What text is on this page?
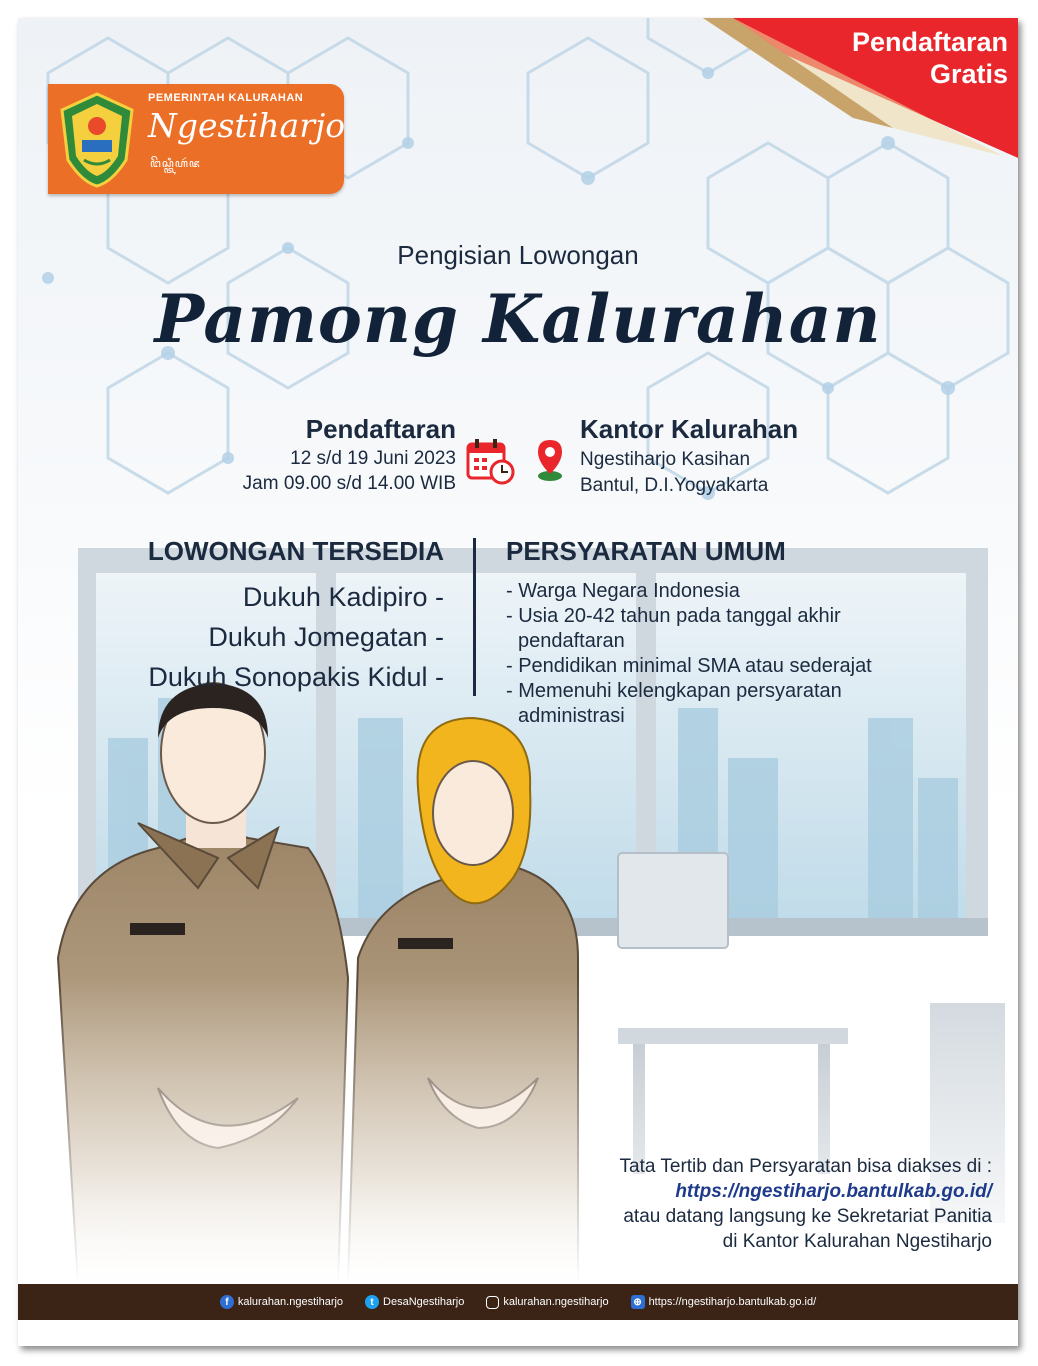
PEMERINTAH KALURAHAN
Ngestiharjo
ꦔꦼꦱ꧀ꦠꦶꦲꦂꦗ
Pendaftaran
Gratis
Pengisian Lowongan
Pamong Kalurahan
Pendaftaran
12 s/d 19 Juni 2023
Jam 09.00 s/d 14.00 WIB
Kantor Kalurahan
Ngestiharjo Kasihan
Bantul, D.I.Yogyakarta
LOWONGAN TERSEDIA
Dukuh Kadipiro -
Dukuh Jomegatan -
Dukuh Sonopakis Kidul -
PERSYARATAN UMUM
- Warga Negara Indonesia
- Usia 20-42 tahun pada tanggal akhir
pendaftaran
- Pendidikan minimal SMA atau sederajat
- Memenuhi kelengkapan persyaratan
administrasi
Tata Tertib dan Persyaratan bisa diakses di :
https://ngestiharjo.bantulkab.go.id/
atau datang langsung ke Sekretariat Panitia
di Kantor Kalurahan Ngestiharjo
f kalurahan.ngestiharjo	t DesaNgestiharjo	kalurahan.ngestiharjo ⊕ https://ngestiharjo.bantulkab.go.id/
